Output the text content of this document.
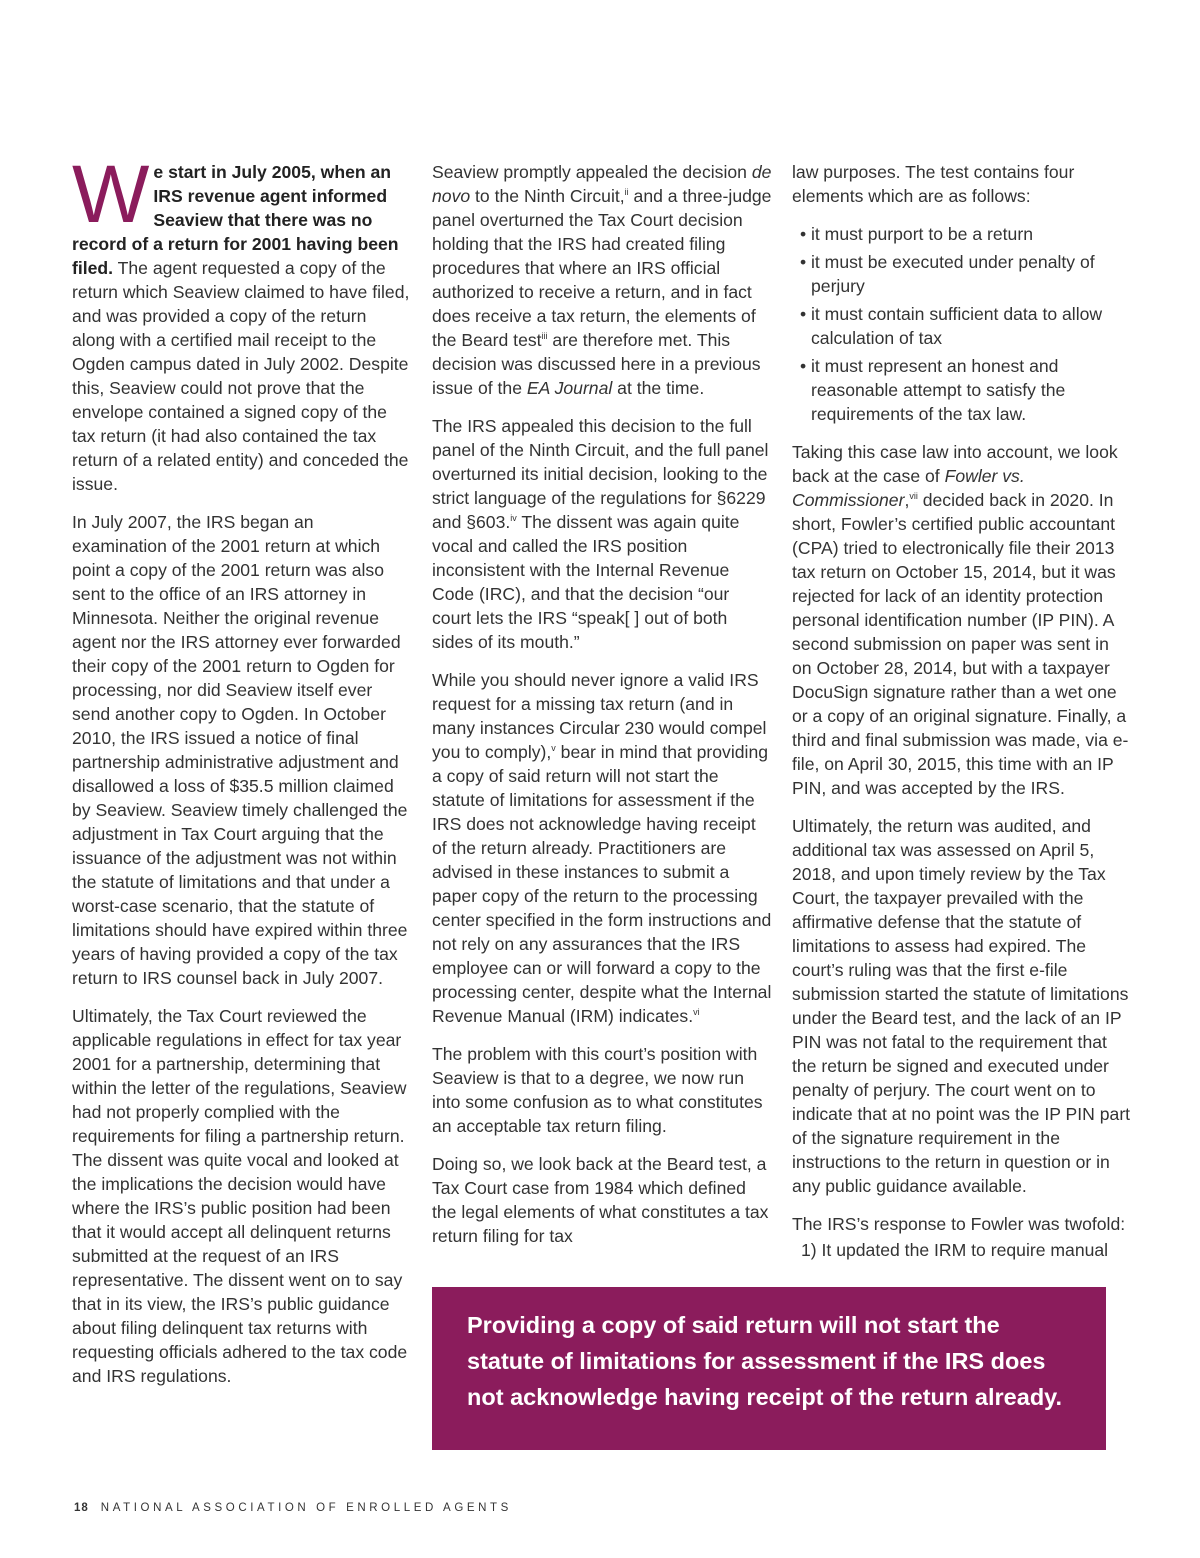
We start in July 2005, when an IRS revenue agent informed Seaview that there was no record of a return for 2001 having been filed. The agent requested a copy of the return which Seaview claimed to have filed, and was provided a copy of the return along with a certified mail receipt to the Ogden campus dated in July 2002. Despite this, Seaview could not prove that the envelope contained a signed copy of the tax return (it had also contained the tax return of a related entity) and conceded the issue.

In July 2007, the IRS began an examination of the 2001 return at which point a copy of the 2001 return was also sent to the office of an IRS attorney in Minnesota. Neither the original revenue agent nor the IRS attorney ever forwarded their copy of the 2001 return to Ogden for processing, nor did Seaview itself ever send another copy to Ogden. In October 2010, the IRS issued a notice of final partnership administrative adjustment and disallowed a loss of $35.5 million claimed by Seaview. Seaview timely challenged the adjustment in Tax Court arguing that the issuance of the adjustment was not within the statute of limitations and that under a worst-case scenario, that the statute of limitations should have expired within three years of having provided a copy of the tax return to IRS counsel back in July 2007.

Ultimately, the Tax Court reviewed the applicable regulations in effect for tax year 2001 for a partnership, determining that within the letter of the regulations, Seaview had not properly complied with the requirements for filing a partnership return. The dissent was quite vocal and looked at the implications the decision would have where the IRS’s public position had been that it would accept all delinquent returns submitted at the request of an IRS representative. The dissent went on to say that in its view, the IRS’s public guidance about filing delinquent tax returns with requesting officials adhered to the tax code and IRS regulations.

Seaview promptly appealed the decision de novo to the Ninth Circuit,$^{ii}$ and a three-judge panel overturned the Tax Court decision holding that the IRS had created filing procedures that where an IRS official authorized to receive a return, and in fact does receive a tax return, the elements of the Beard test$^{iii}$ are therefore met. This decision was discussed here in a previous issue of the EA Journal at the time.

The IRS appealed this decision to the full panel of the Ninth Circuit, and the full panel overturned its initial decision, looking to the strict language of the regulations for §6229 and §603.$^{iv}$ The dissent was again quite vocal and called the IRS position inconsistent with the Internal Revenue Code (IRC), and that the decision “our court lets the IRS “speak[ ] out of both sides of its mouth.”

While you should never ignore a valid IRS request for a missing tax return (and in many instances Circular 230 would compel you to comply),$^v$ bear in mind that providing a copy of said return will not start the statute of limitations for assessment if the IRS does not acknowledge having receipt of the return already. Practitioners are advised in these instances to submit a paper copy of the return to the processing center specified in the form instructions and not rely on any assurances that the IRS employee can or will forward a copy to the processing center, despite what the Internal Revenue Manual (IRM) indicates.$^{vi}$

The problem with this court’s position with Seaview is that to a degree, we now run into some confusion as to what constitutes an acceptable tax return filing.

Doing so, we look back at the Beard test, a Tax Court case from 1984 which defined the legal elements of what constitutes a tax return filing for tax

law purposes. The test contains four elements which are as follows:

• it must purport to be a return
• it must be executed under penalty of perjury
• it must contain sufficient data to allow calculation of tax
• it must represent an honest and reasonable attempt to satisfy the requirements of the tax law.

Taking this case law into account, we look back at the case of Fowler vs. Commissioner,$^{vii}$ decided back in 2020. In short, Fowler’s certified public accountant (CPA) tried to electronically file their 2013 tax return on October 15, 2014, but it was rejected for lack of an identity protection personal identification number (IP PIN). A second submission on paper was sent in on October 28, 2014, but with a taxpayer DocuSign signature rather than a wet one or a copy of an original signature. Finally, a third and final submission was made, via e-file, on April 30, 2015, this time with an IP PIN, and was accepted by the IRS.

Ultimately, the return was audited, and additional tax was assessed on April 5, 2018, and upon timely review by the Tax Court, the taxpayer prevailed with the affirmative defense that the statute of limitations to assess had expired. The court’s ruling was that the first e-file submission started the statute of limitations under the Beard test, and the lack of an IP PIN was not fatal to the requirement that the return be signed and executed under penalty of perjury. The court went on to indicate that at no point was the IP PIN part of the signature requirement in the instructions to the return in question or in any public guidance available.

The IRS’s response to Fowler was twofold:

1) It updated the IRM to require manual
Providing a copy of said return will not start the statute of limitations for assessment if the IRS does not acknowledge having receipt of the return already.
18 NATIONAL ASSOCIATION OF ENROLLED AGENTS
